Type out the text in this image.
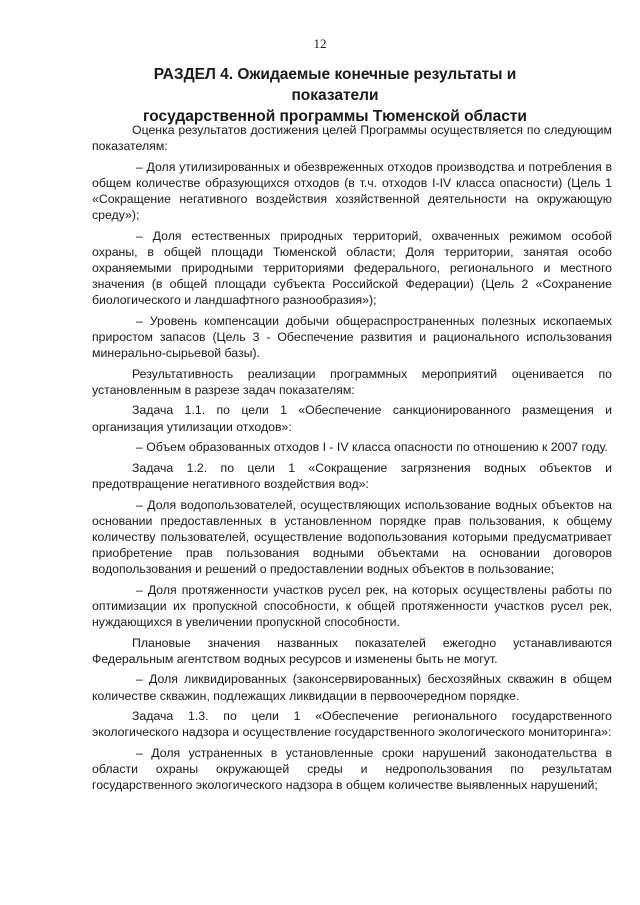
12
РАЗДЕЛ 4. Ожидаемые конечные результаты и показатели
государственной программы Тюменской области

Оценка результатов достижения целей Программы осуществляется по следующим показателям:

– Доля утилизированных и обезвреженных отходов производства и потребления в общем количестве образующихся отходов (в т.ч. отходов I-IV класса опасности) (Цель 1 «Сокращение негативного воздействия хозяйственной деятельности на окружающую среду»);

– Доля естественных природных территорий, охваченных режимом особой охраны, в общей площади Тюменской области; Доля территории, занятая особо охраняемыми природными территориями федерального, регионального и местного значения (в общей площади субъекта Российской Федерации) (Цель 2 «Сохранение биологического и ландшафтного разнообразия»);

– Уровень компенсации добычи общераспространенных полезных ископаемых приростом запасов (Цель 3 - Обеспечение развития и рационального использования минерально-сырьевой базы).

Результативность реализации программных мероприятий оценивается по установленным в разрезе задач показателям:

Задача 1.1. по цели 1 «Обеспечение санкционированного размещения и организация утилизации отходов»:

– Объем образованных отходов I - IV класса опасности по отношению к 2007 году.

Задача 1.2. по цели 1 «Сокращение загрязнения водных объектов и предотвращение негативного воздействия вод»:

– Доля водопользователей, осуществляющих использование водных объектов на основании предоставленных в установленном порядке прав пользования, к общему количеству пользователей, осуществление водопользования которыми предусматривает приобретение прав пользования водными объектами на основании договоров водопользования и решений о предоставлении водных объектов в пользование;

– Доля протяженности участков русел рек, на которых осуществлены работы по оптимизации их пропускной способности, к общей протяженности участков русел рек, нуждающихся в увеличении пропускной способности.

Плановые значения названных показателей ежегодно устанавливаются Федеральным агентством водных ресурсов и изменены быть не могут.

– Доля ликвидированных (законсервированных) бесхозяйных скважин в общем количестве скважин, подлежащих ликвидации в первоочередном порядке.

Задача 1.3. по цели 1 «Обеспечение регионального государственного экологического надзора и осуществление государственного экологического мониторинга»:

– Доля устраненных в установленные сроки нарушений законодательства в области охраны окружающей среды и недропользования по результатам государственного экологического надзора в общем количестве выявленных нарушений;
